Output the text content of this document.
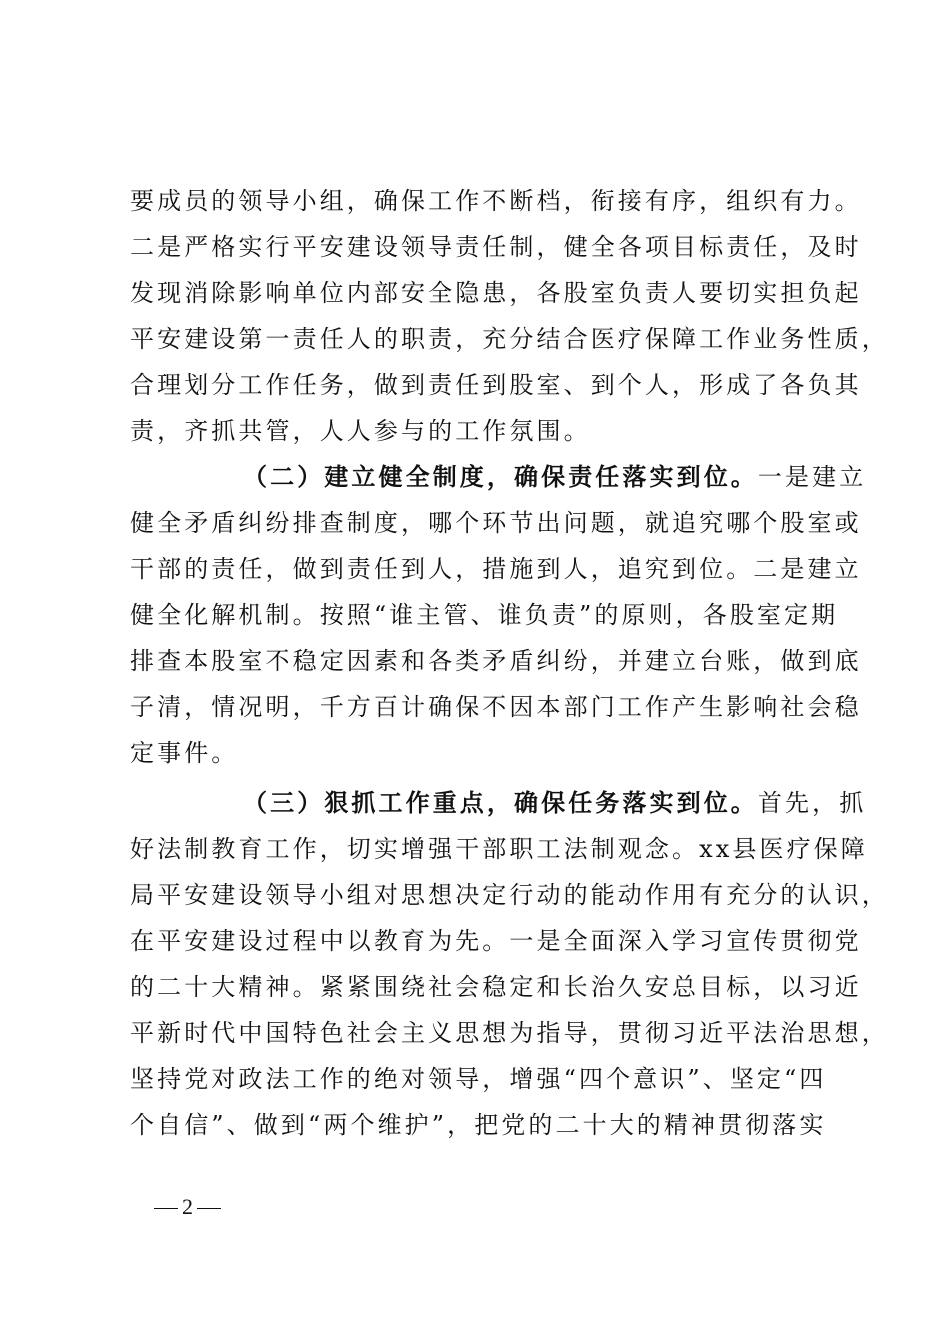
要成员的领导小组，确保工作不断档，衔接有序，组织有力。
二是严格实行平安建设领导责任制，健全各项目标责任，及时
发现消除影响单位内部安全隐患，各股室负责人要切实担负起
平安建设第一责任人的职责，充分结合医疗保障工作业务性质，
合理划分工作任务，做到责任到股室、到个人，形成了各负其
责，齐抓共管，人人参与的工作氛围。
（二）建立健全制度，确保责任落实到位。一是建立
健全矛盾纠纷排查制度，哪个环节出问题，就追究哪个股室或
干部的责任，做到责任到人，措施到人，追究到位。二是建立
健全化解机制。按照“谁主管、谁负责”的原则，各股室定期
排查本股室不稳定因素和各类矛盾纠纷，并建立台账，做到底
子清，情况明，千方百计确保不因本部门工作产生影响社会稳
定事件。
（三）狠抓工作重点，确保任务落实到位。首先，抓
好法制教育工作，切实增强干部职工法制观念。xx县医疗保障
局平安建设领导小组对思想决定行动的能动作用有充分的认识，
在平安建设过程中以教育为先。一是全面深入学习宣传贯彻党
的二十大精神。紧紧围绕社会稳定和长治久安总目标，以习近
平新时代中国特色社会主义思想为指导，贯彻习近平法治思想，
坚持党对政法工作的绝对领导，增强“四个意识”、坚定“四
个自信”、做到“两个维护”，把党的二十大的精神贯彻落实
2
